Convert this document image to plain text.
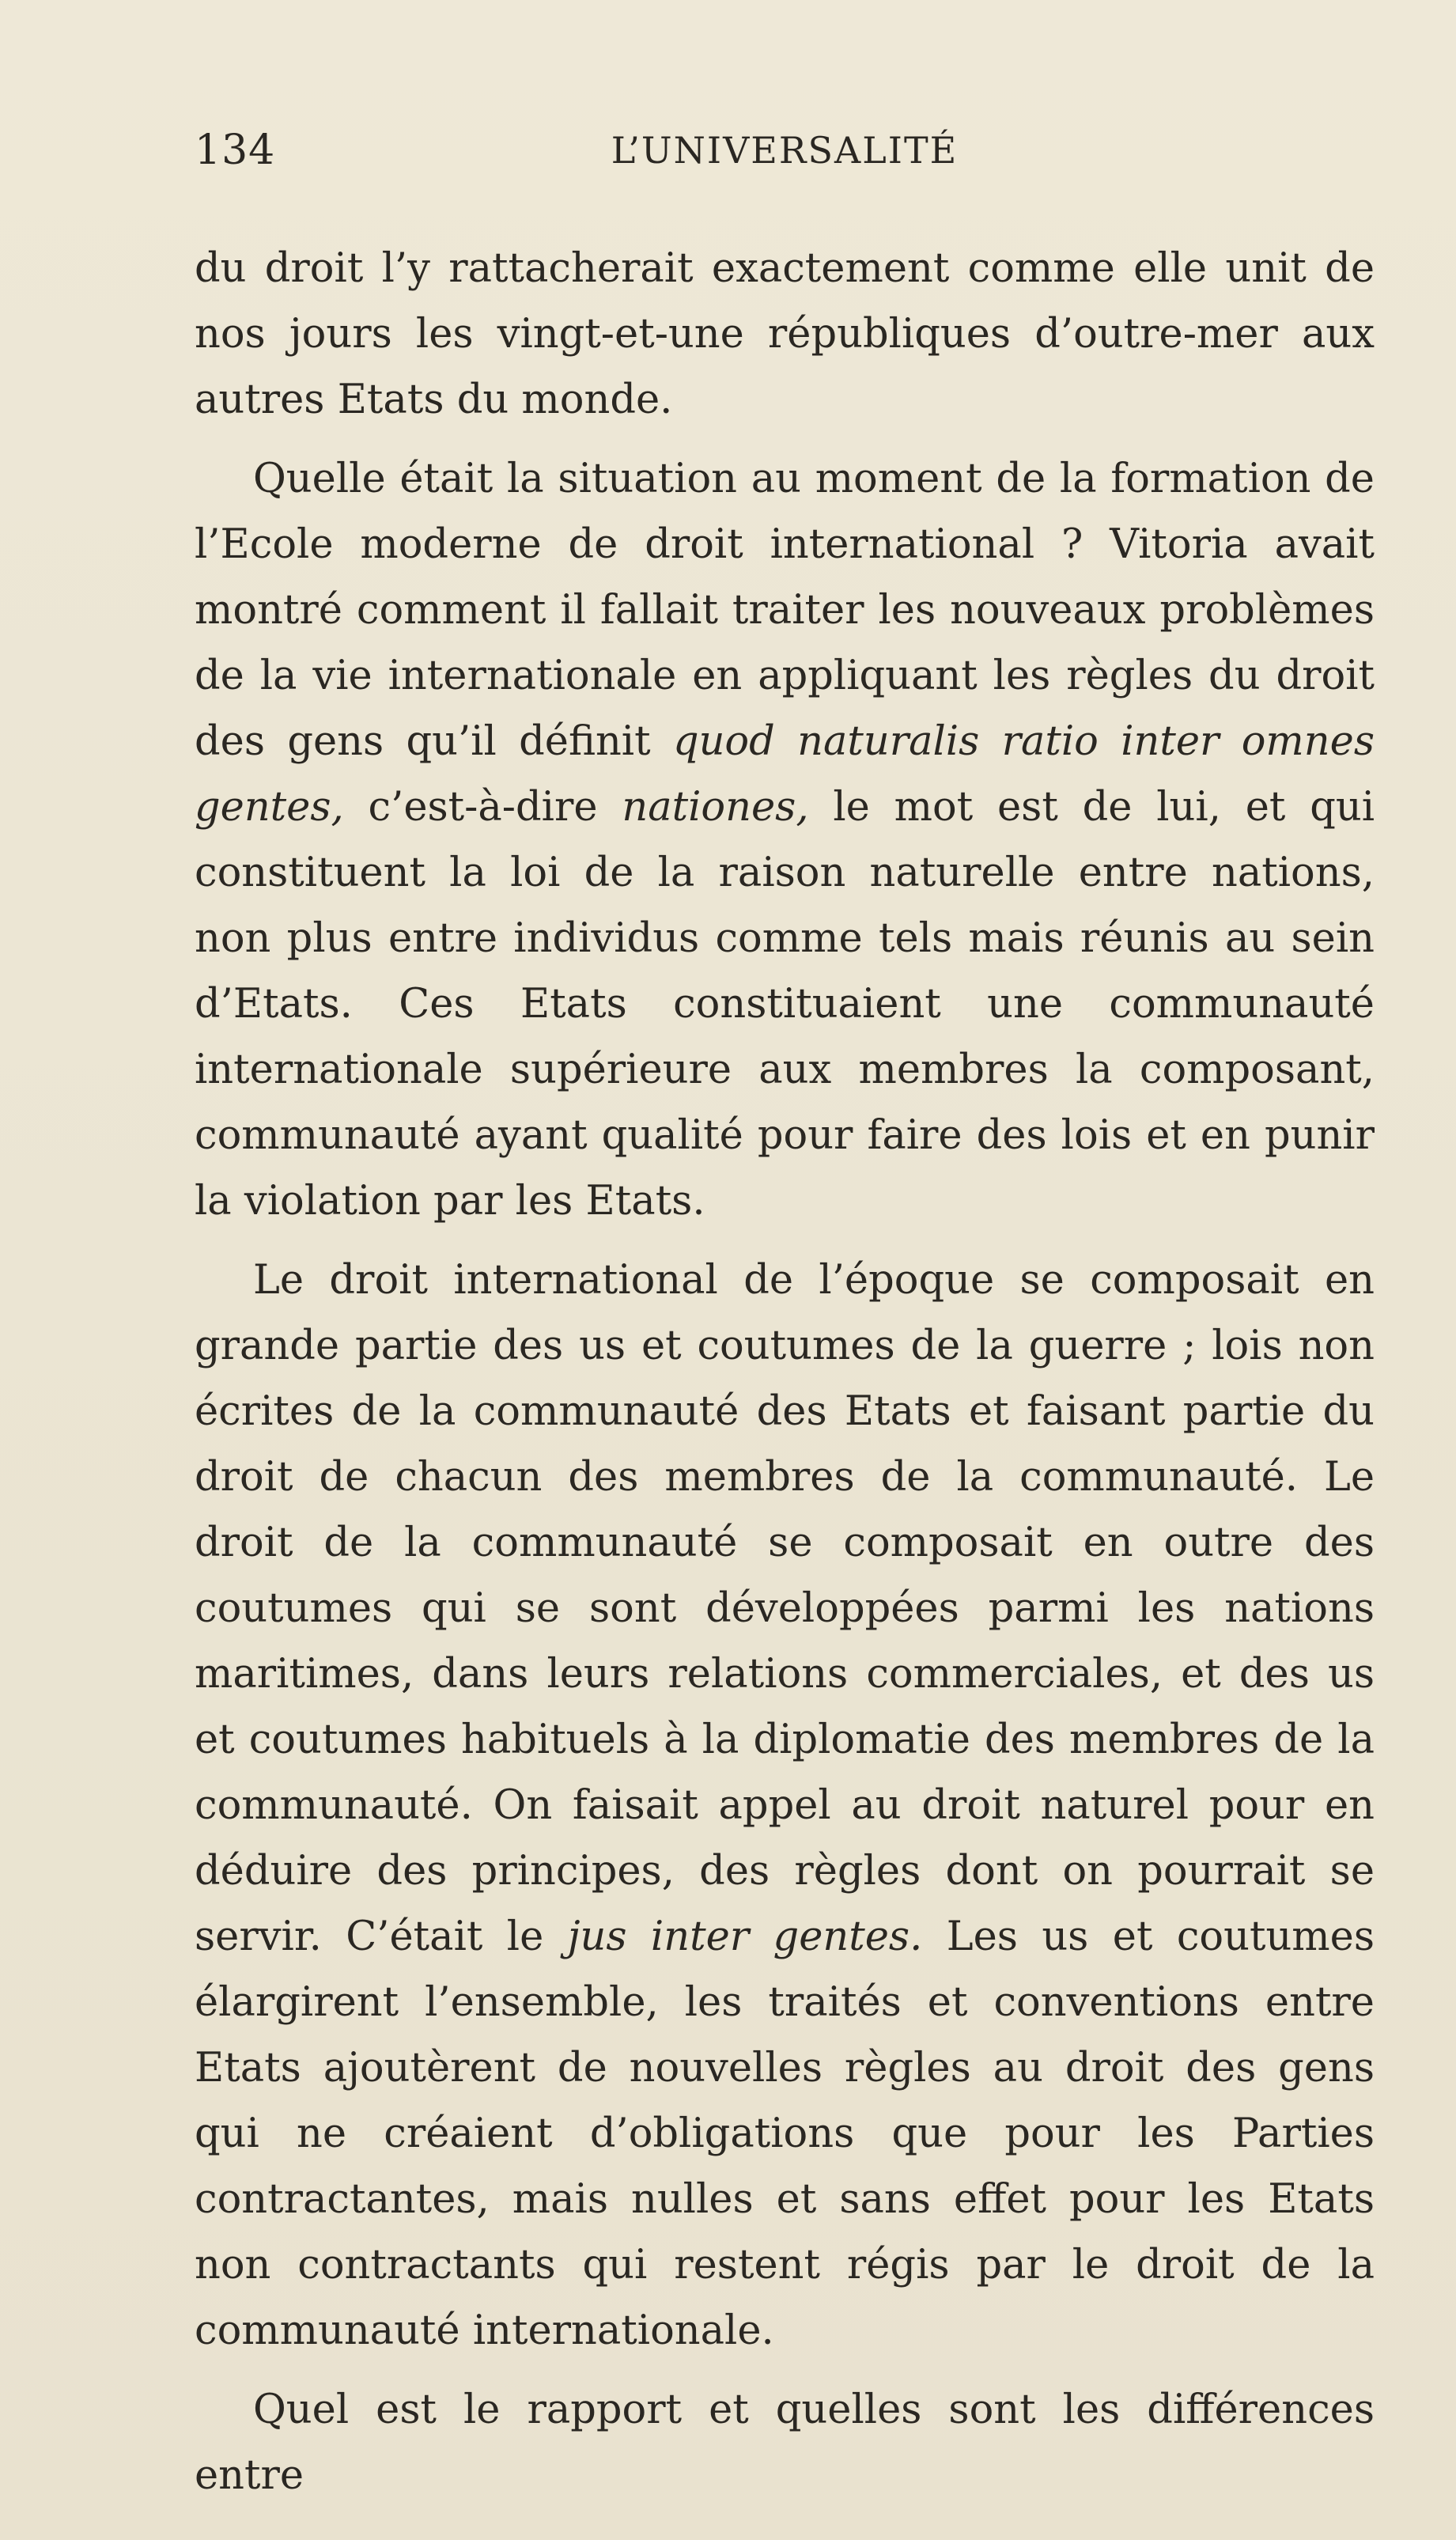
134	L’UNIVERSALITÉ

du droit l’y rattacherait exactement comme elle unit de nos jours les vingt-et-une républiques d’outre-mer aux autres Etats du monde.

Quelle était la situation au moment de la formation de l’Ecole moderne de droit international ? Vitoria avait montré comment il fallait traiter les nouveaux problèmes de la vie internationale en appliquant les règles du droit des gens qu’il définit quod naturalis ratio inter omnes gentes, c’est-à-dire nationes, le mot est de lui, et qui constituent la loi de la raison naturelle entre nations, non plus entre individus comme tels mais réunis au sein d’Etats. Ces Etats constituaient une communauté internationale supérieure aux membres la composant, communauté ayant qualité pour faire des lois et en punir la violation par les Etats.

Le droit international de l’époque se composait en grande partie des us et coutumes de la guerre ; lois non écrites de la communauté des Etats et faisant partie du droit de chacun des membres de la communauté. Le droit de la communauté se composait en outre des coutumes qui se sont développées parmi les nations maritimes, dans leurs relations commerciales, et des us et coutumes habituels à la diplomatie des membres de la communauté. On faisait appel au droit naturel pour en déduire des principes, des règles dont on pourrait se servir. C’était le jus inter gentes. Les us et coutumes élargirent l’ensemble, les traités et conventions entre Etats ajoutèrent de nouvelles règles au droit des gens qui ne créaient d’obligations que pour les Parties contractantes, mais nulles et sans effet pour les Etats non contractants qui restent régis par le droit de la communauté internationale.

Quel est le rapport et quelles sont les différences entre
